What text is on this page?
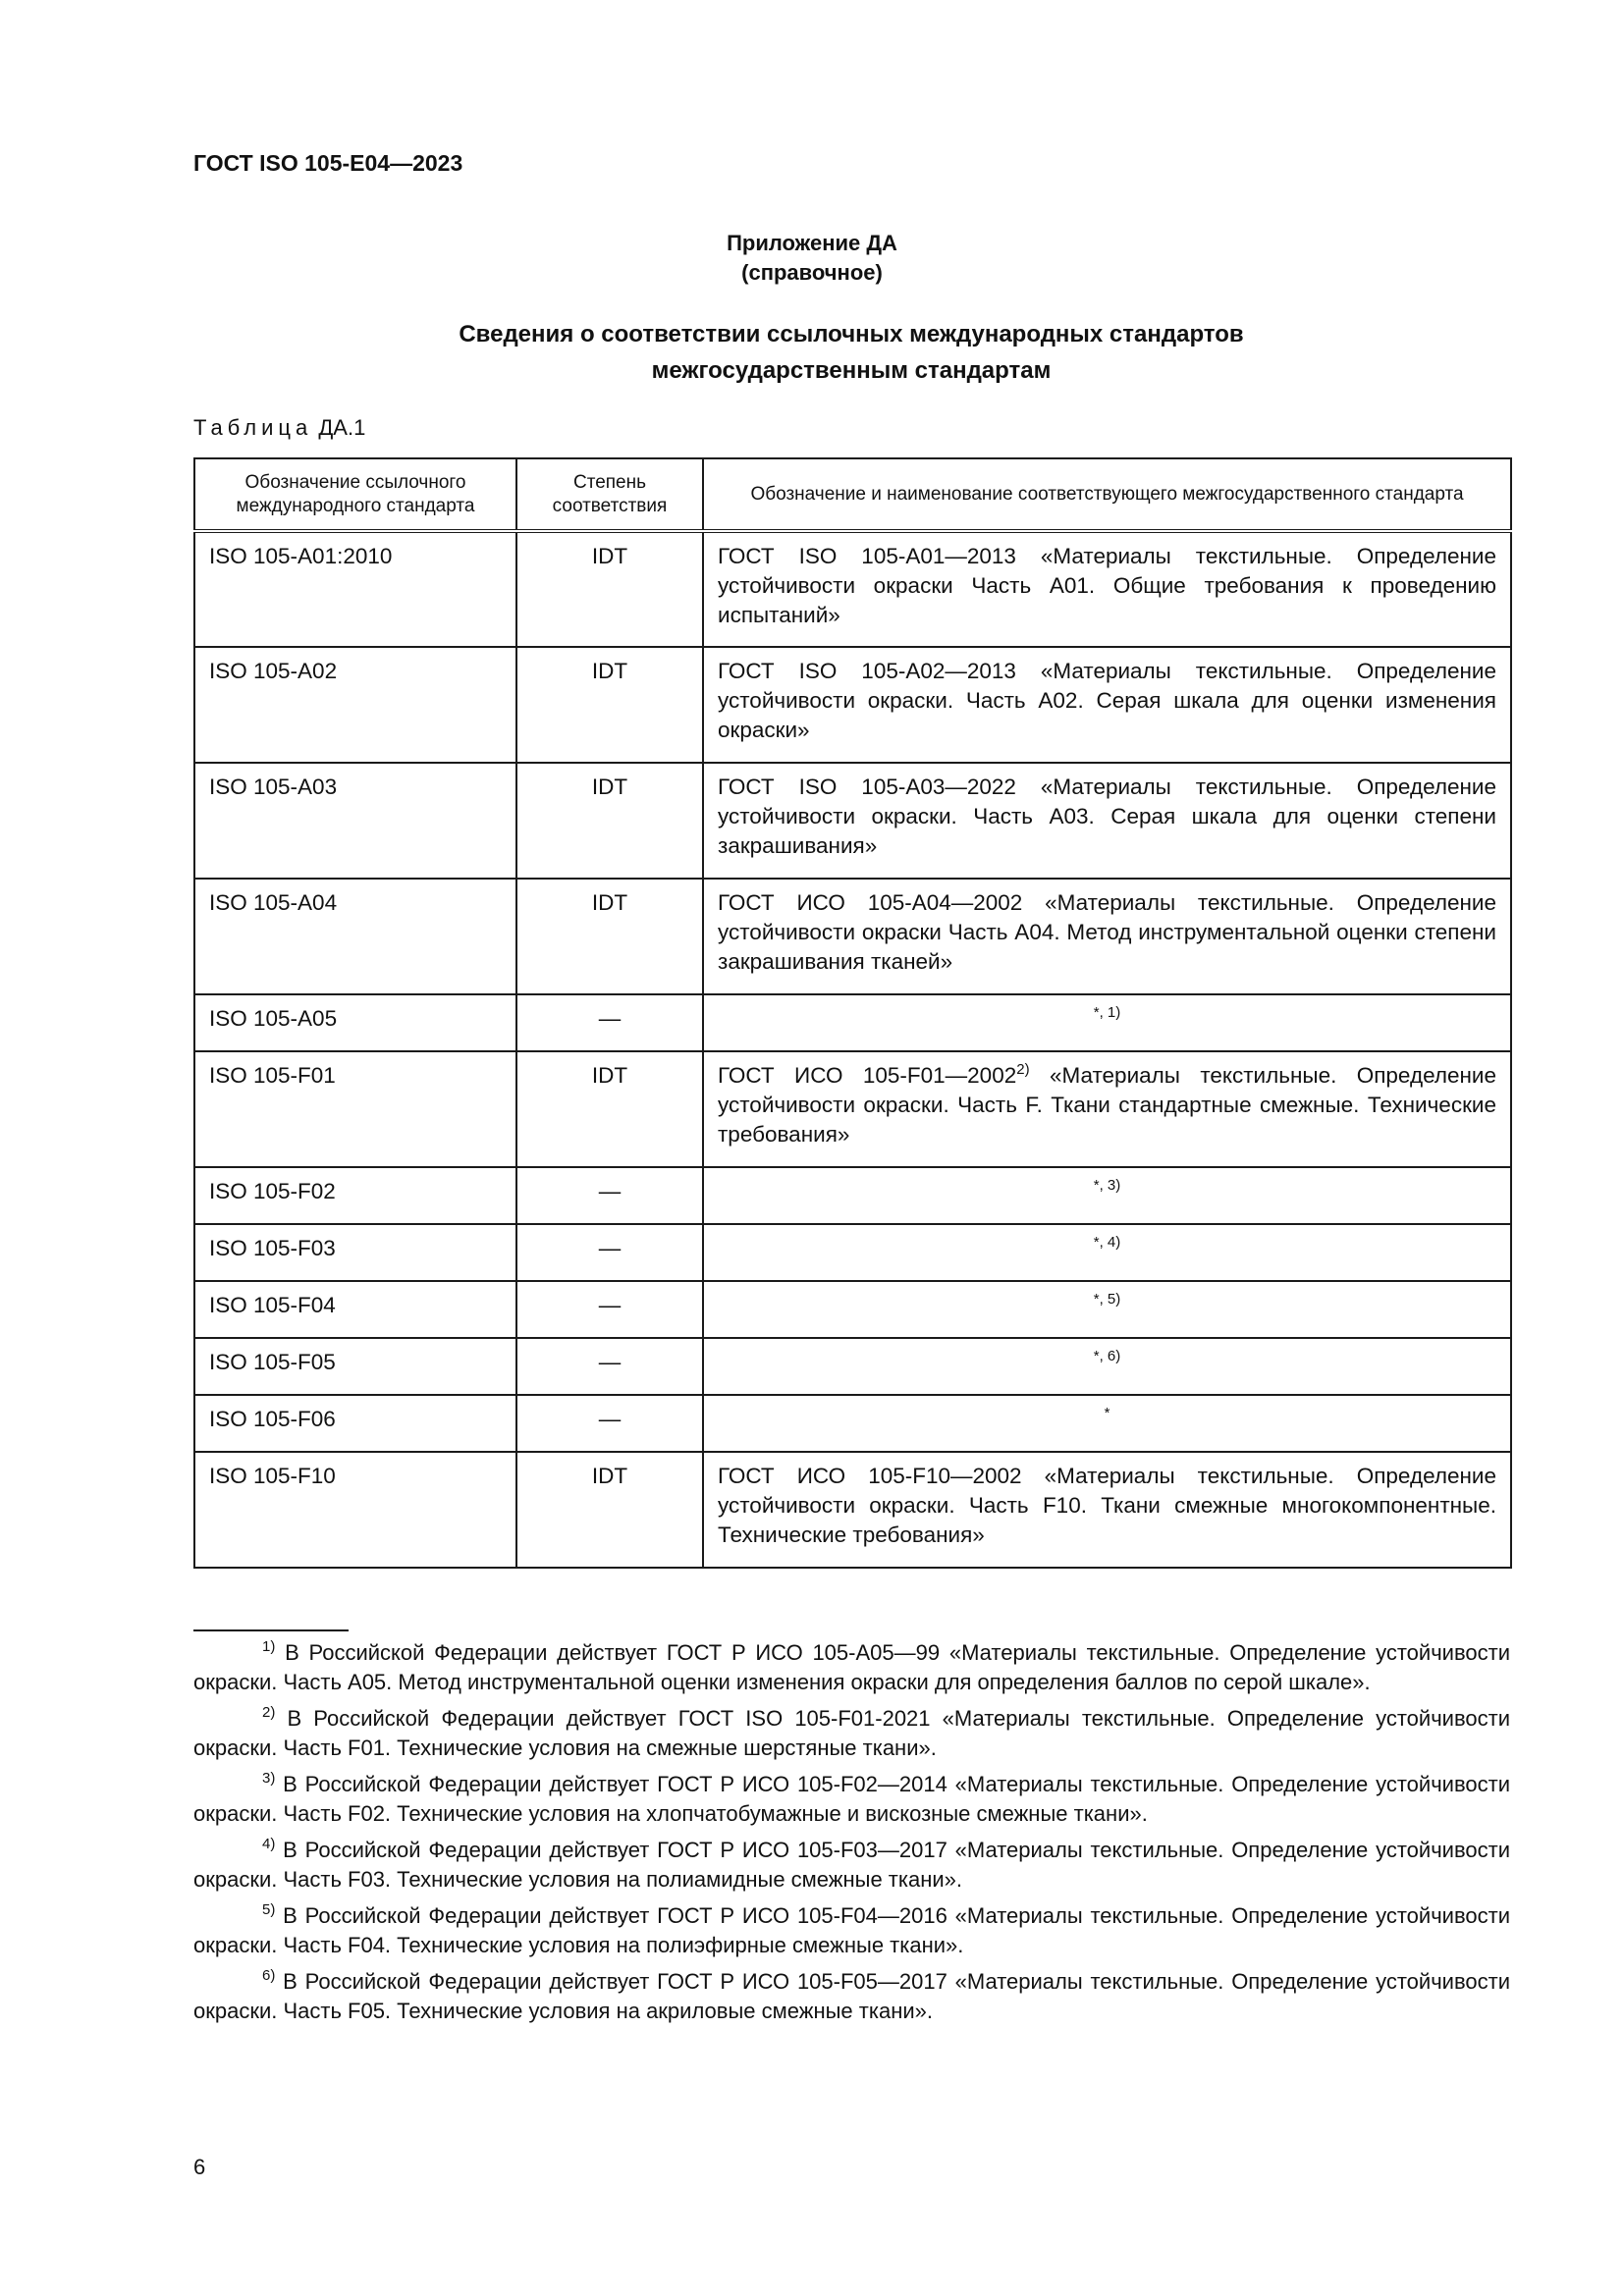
ГОСТ ISO 105-E04—2023

Приложение ДА

(справочное)

Сведения о соответствии ссылочных международных стандартов
межгосударственным стандартам

Таблица ДА.1

Обозначение ссылочного международного стандарта	Степень соответствия	Обозначение и наименование соответствующего межгосударственного стандарта
ISO 105-A01:2010	IDT	ГОСТ ISO 105-A01—2013 «Материалы текстильные. Определение устойчивости окраски Часть А01. Общие требования к проведению испытаний»
ISO 105-A02	IDT	ГОСТ ISO 105-A02—2013 «Материалы текстильные. Определение устойчивости окраски. Часть А02. Серая шкала для оценки изменения окраски»
ISO 105-A03	IDT	ГОСТ ISO 105-A03—2022 «Материалы текстильные. Определение устойчивости окраски. Часть А03. Серая шкала для оценки степени закрашивания»
ISO 105-A04	IDT	ГОСТ ИСО 105-А04—2002 «Материалы текстильные. Определение устойчивости окраски Часть А04. Метод инструментальной оценки степени закрашивания тканей»
ISO 105-A05	—	$^{*, 1)}$
ISO 105-F01	IDT	ГОСТ ИСО 105-F01—2002$^{2)}$ «Материалы текстильные. Определение устойчивости окраски. Часть F. Ткани стандартные смежные. Технические требования»
ISO 105-F02	—	$^{*, 3)}$
ISO 105-F03	—	$^{*, 4)}$
ISO 105-F04	—	$^{*, 5)}$
ISO 105-F05	—	$^{*, 6)}$
ISO 105-F06	—	*
ISO 105-F10	IDT	ГОСТ ИСО 105-F10—2002 «Материалы текстильные. Определение устойчивости окраски. Часть F10. Ткани смежные многокомпонентные. Технические требования»

$^{1)}$ В Российской Федерации действует ГОСТ Р ИСО 105-A05—99 «Материалы текстильные. Определение устойчивости окраски. Часть А05. Метод инструментальной оценки изменения окраски для определения баллов по серой шкале».

$^{2)}$ В Российской Федерации действует ГОСТ ISO 105-F01-2021 «Материалы текстильные. Определение устойчивости окраски. Часть F01. Технические условия на смежные шерстяные ткани».

$^{3)}$ В Российской Федерации действует ГОСТ Р ИСО 105-F02—2014 «Материалы текстильные. Определение устойчивости окраски. Часть F02. Технические условия на хлопчатобумажные и вискозные смежные ткани».

$^{4)}$ В Российской Федерации действует ГОСТ Р ИСО 105-F03—2017 «Материалы текстильные. Определение устойчивости окраски. Часть F03. Технические условия на полиамидные смежные ткани».

$^{5)}$ В Российской Федерации действует ГОСТ Р ИСО 105-F04—2016 «Материалы текстильные. Определение устойчивости окраски. Часть F04. Технические условия на полиэфирные смежные ткани».

$^{6)}$ В Российской Федерации действует ГОСТ Р ИСО 105-F05—2017 «Материалы текстильные. Определение устойчивости окраски. Часть F05. Технические условия на акриловые смежные ткани».

6
